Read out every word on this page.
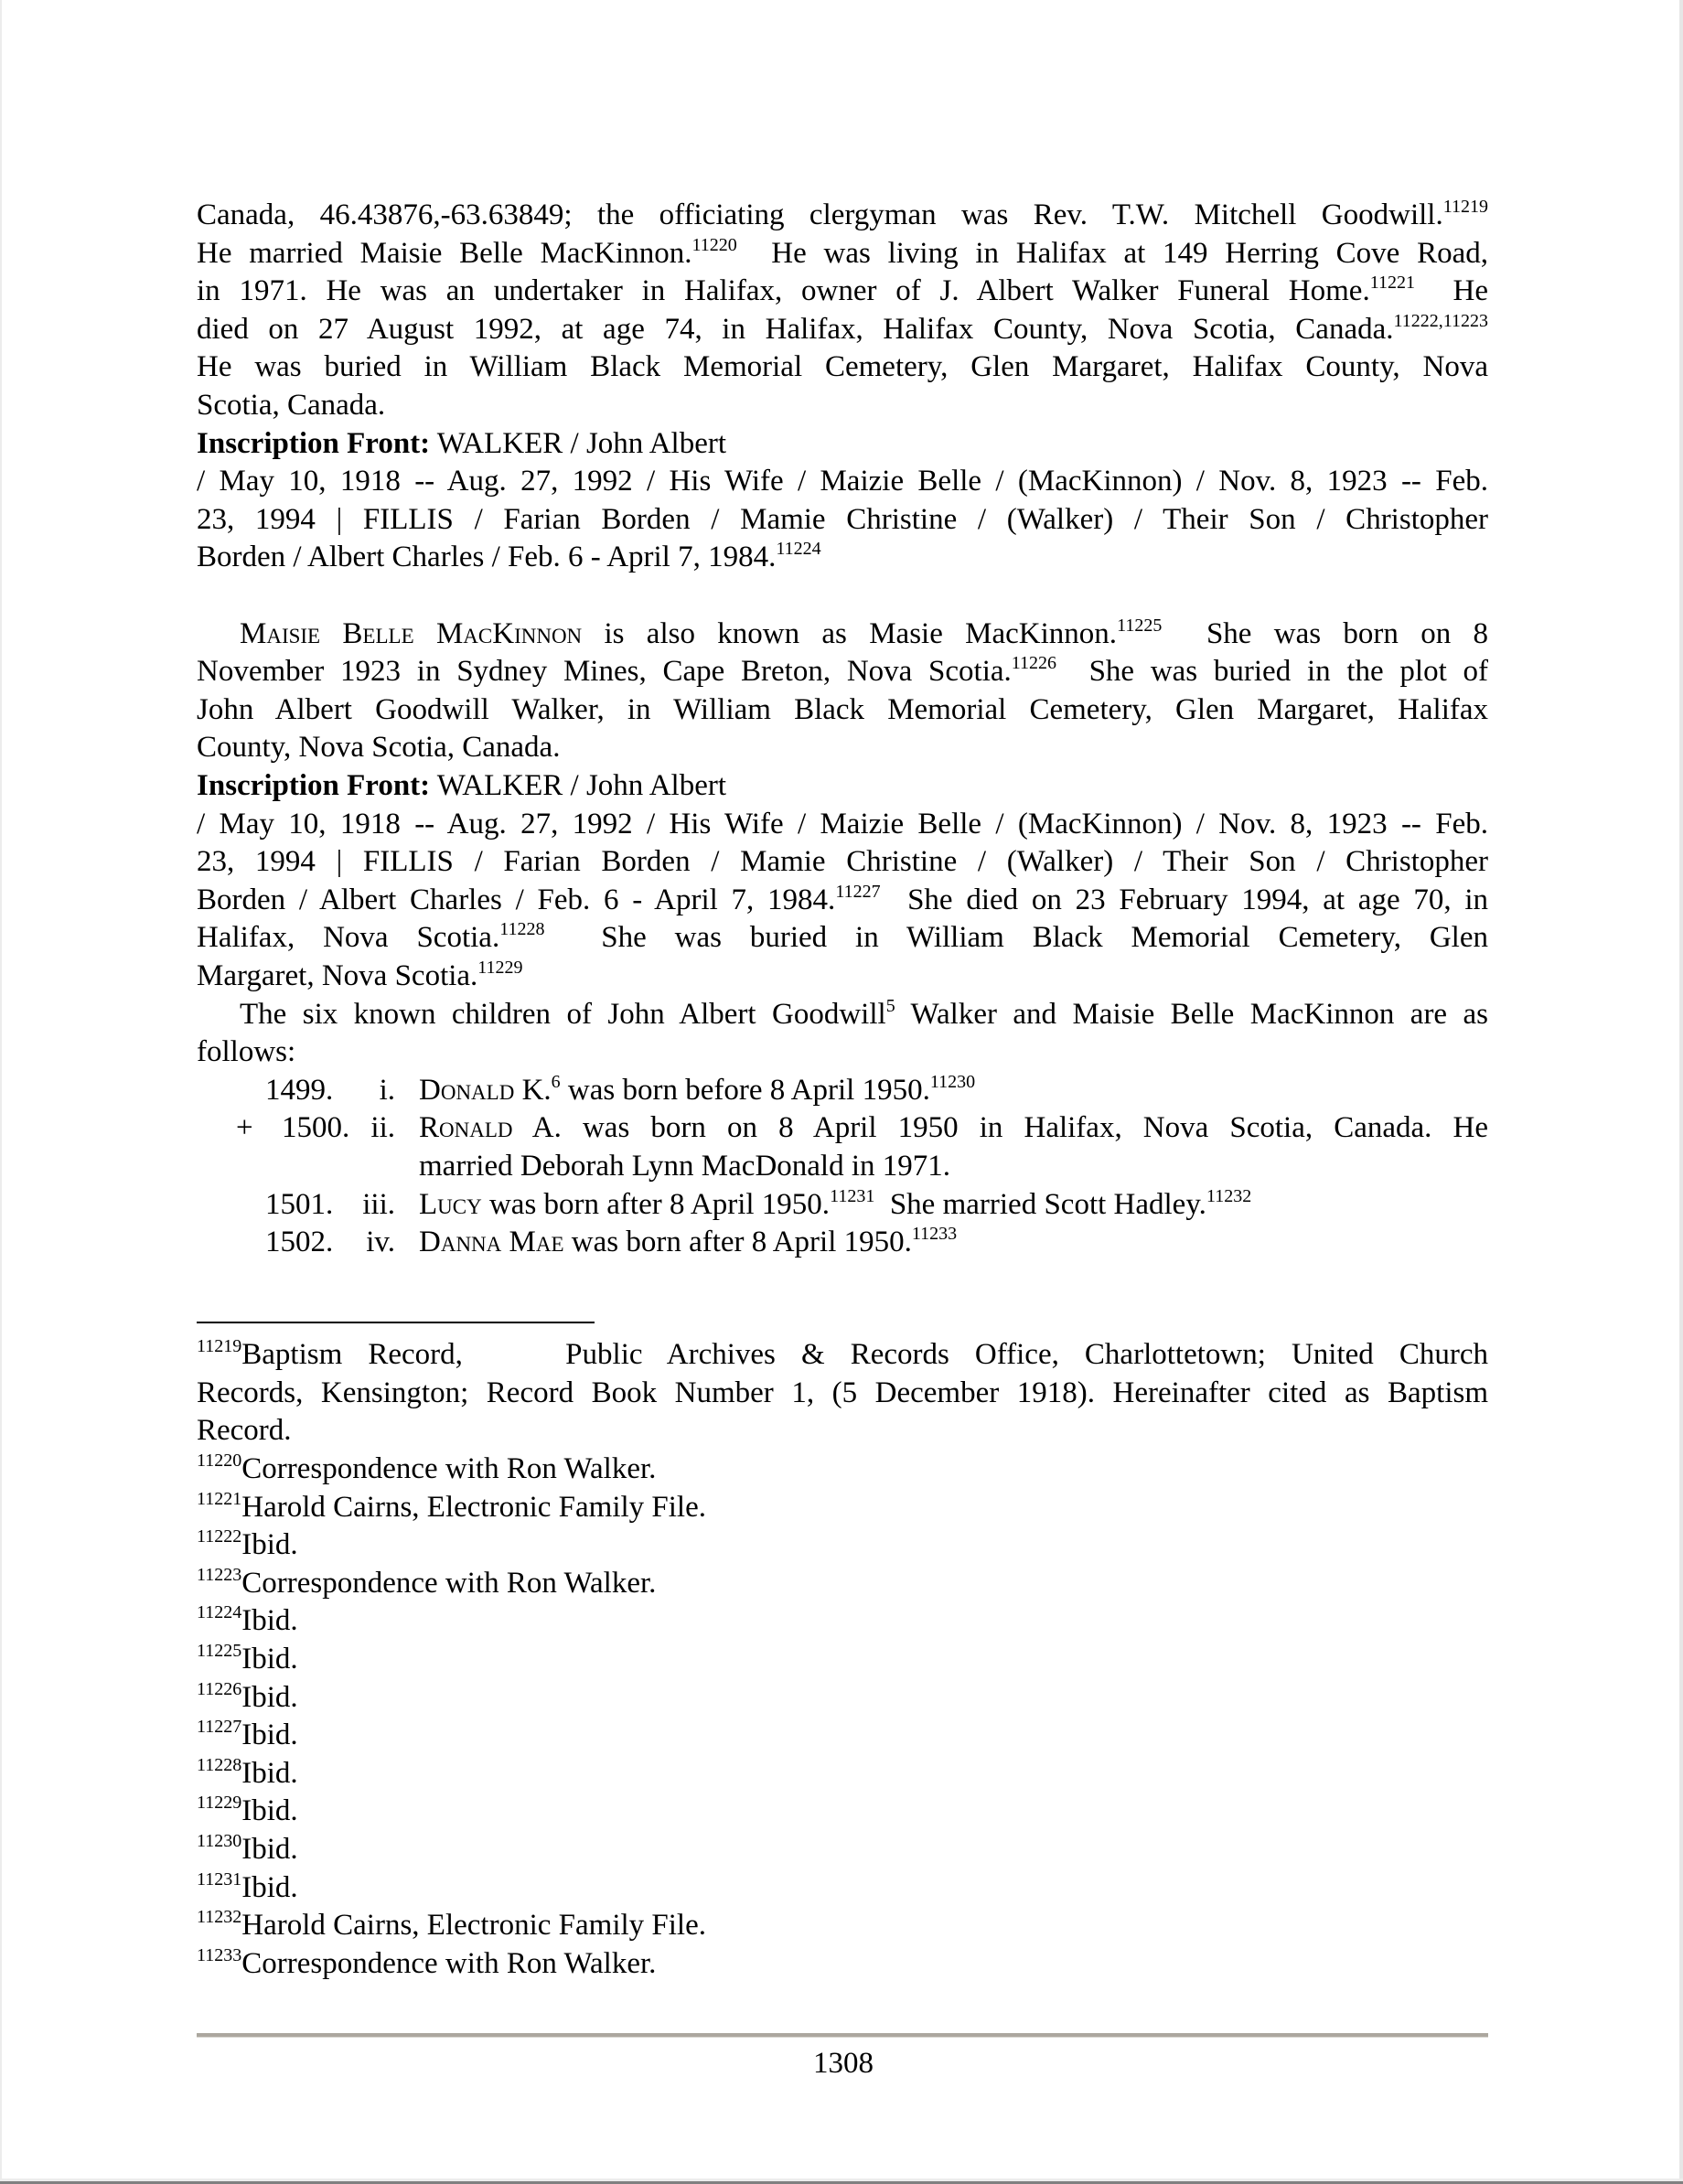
Canada, 46.43876,-63.63849; the officiating clergyman was Rev. T.W. Mitchell Goodwill.$^{11219}$
He married Maisie Belle MacKinnon.$^{11220}$  He was living in Halifax at 149 Herring Cove Road,
in 1971. He was an undertaker in Halifax, owner of J. Albert Walker Funeral Home.$^{11221}$  He
died on 27 August 1992, at age 74, in Halifax, Halifax County, Nova Scotia, Canada.$^{11222,11223}$
He was buried in William Black Memorial Cemetery, Glen Margaret, Halifax County, Nova
Scotia, Canada.
Inscription Front: WALKER / John Albert
/ May 10, 1918 -- Aug. 27, 1992 / His Wife / Maizie Belle / (MacKinnon) / Nov. 8, 1923 -- Feb.
23, 1994 | FILLIS / Farian Borden / Mamie Christine / (Walker) / Their Son / Christopher
Borden / Albert Charles / Feb. 6 - April 7, 1984.$^{11224}$
Maisie Belle MacKinnon is also known as Masie MacKinnon.$^{11225}$  She was born on 8
November 1923 in Sydney Mines, Cape Breton, Nova Scotia.$^{11226}$  She was buried in the plot of
John Albert Goodwill Walker, in William Black Memorial Cemetery, Glen Margaret, Halifax
County, Nova Scotia, Canada.
Inscription Front: WALKER / John Albert
/ May 10, 1918 -- Aug. 27, 1992 / His Wife / Maizie Belle / (MacKinnon) / Nov. 8, 1923 -- Feb.
23, 1994 | FILLIS / Farian Borden / Mamie Christine / (Walker) / Their Son / Christopher
Borden / Albert Charles / Feb. 6 - April 7, 1984.$^{11227}$  She died on 23 February 1994, at age 70, in
Halifax, Nova Scotia.$^{11228}$  She was buried in William Black Memorial Cemetery, Glen
Margaret, Nova Scotia.$^{11229}$
The six known children of John Albert Goodwill$^5$ Walker and Maisie Belle MacKinnon are as
follows:
1499.	i. Donald K.$^6$ was born before 8 April 1950.$^{11230}$
+ 1500. ii. Ronald A. was born on 8 April 1950 in Halifax, Nova Scotia, Canada. He
married Deborah Lynn MacDonald in 1971.
1501. iii. Lucy was born after 8 April 1950.$^{11231}$  She married Scott Hadley.$^{11232}$
1502.	iv. Danna Mae was born after 8 April 1950.$^{11233}$
$^{11219}$Baptism Record,    Public Archives & Records Office, Charlottetown; United Church
Records, Kensington; Record Book Number 1, (5 December 1918). Hereinafter cited as Baptism
Record.
$^{11220}$Correspondence with Ron Walker.
$^{11221}$Harold Cairns, Electronic Family File.
$^{11222}$Ibid.
$^{11223}$Correspondence with Ron Walker.
$^{11224}$Ibid.
$^{11225}$Ibid.
$^{11226}$Ibid.
$^{11227}$Ibid.
$^{11228}$Ibid.
$^{11229}$Ibid.
$^{11230}$Ibid.
$^{11231}$Ibid.
$^{11232}$Harold Cairns, Electronic Family File.
$^{11233}$Correspondence with Ron Walker.
1308
